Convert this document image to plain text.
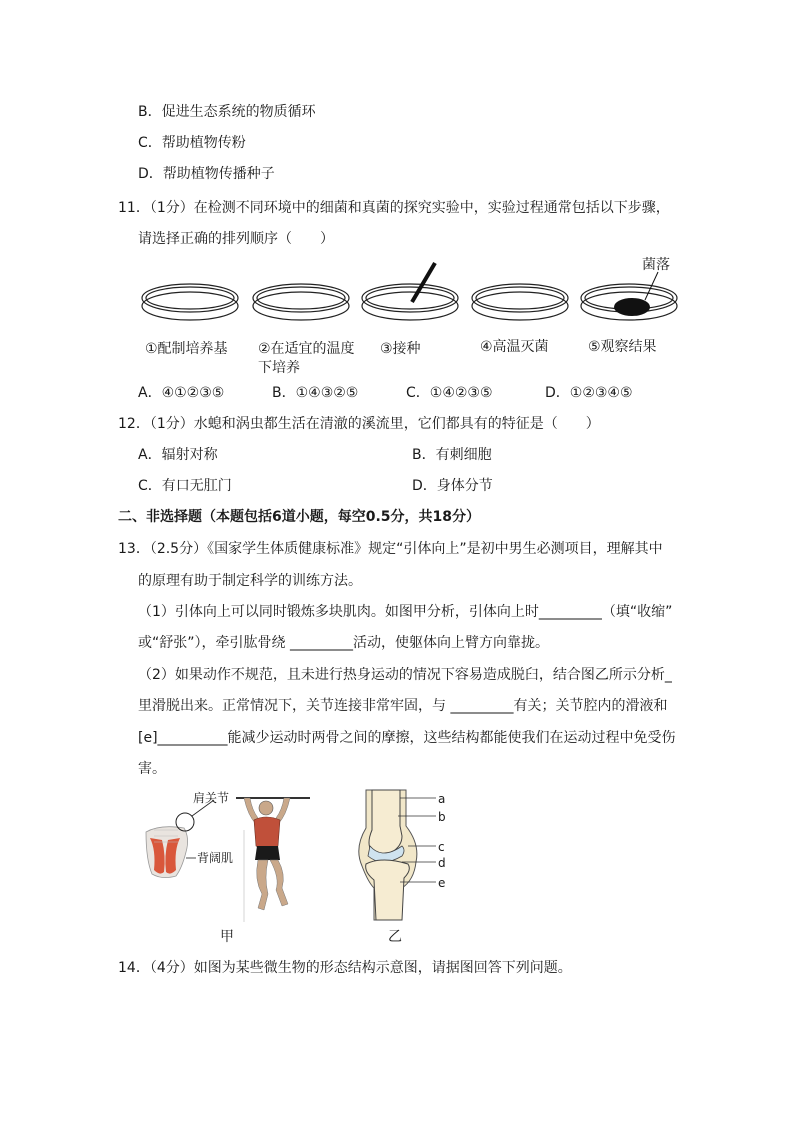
B．促进生态系统的物质循环
C．帮助植物传粉
D．帮助植物传播种子
11．（1分）在检测不同环境中的细菌和真菌的探究实验中，实验过程通常包括以下步骤，
请选择正确的排列顺序（　　）
菌落
①配制培养基 ②在适宜的温度
下培养
③接种	④高温灭菌	⑤观察结果
A．④①②③⑤	B．①④③②⑤	C．①④②③⑤	D．①②③④⑤
12．（1分）水螅和涡虫都生活在清澈的溪流里，它们都具有的特征是（　　）
A．辐射对称	B．有刺细胞
C．有口无肛门	D．身体分节
二、非选择题（本题包括6道小题，每空0.5分，共18分）
13．（2.5分）《国家学生体质健康标准》规定“引体向上”是初中男生必测项目，理解其中
的原理有助于制定科学的训练方法。
（1）引体向上可以同时锻炼多块肌肉。如图甲分析，引体向上时_________（填“收缩”
或“舒张”），牵引肱骨绕 _________活动，使躯体向上臂方向靠拢。
（2）如果动作不规范，且未进行热身运动的情况下容易造成脱臼，结合图乙所示分析_
里滑脱出来。正常情况下，关节连接非常牢固，与 _________有关；关节腔内的滑液和
[e]__________能减少运动时两骨之间的摩擦，这些结构都能使我们在运动过程中免受伤
害。
肩关节
背阔肌
甲
a
b
c
d
e
乙
14．（4分）如图为某些微生物的形态结构示意图，请据图回答下列问题。
